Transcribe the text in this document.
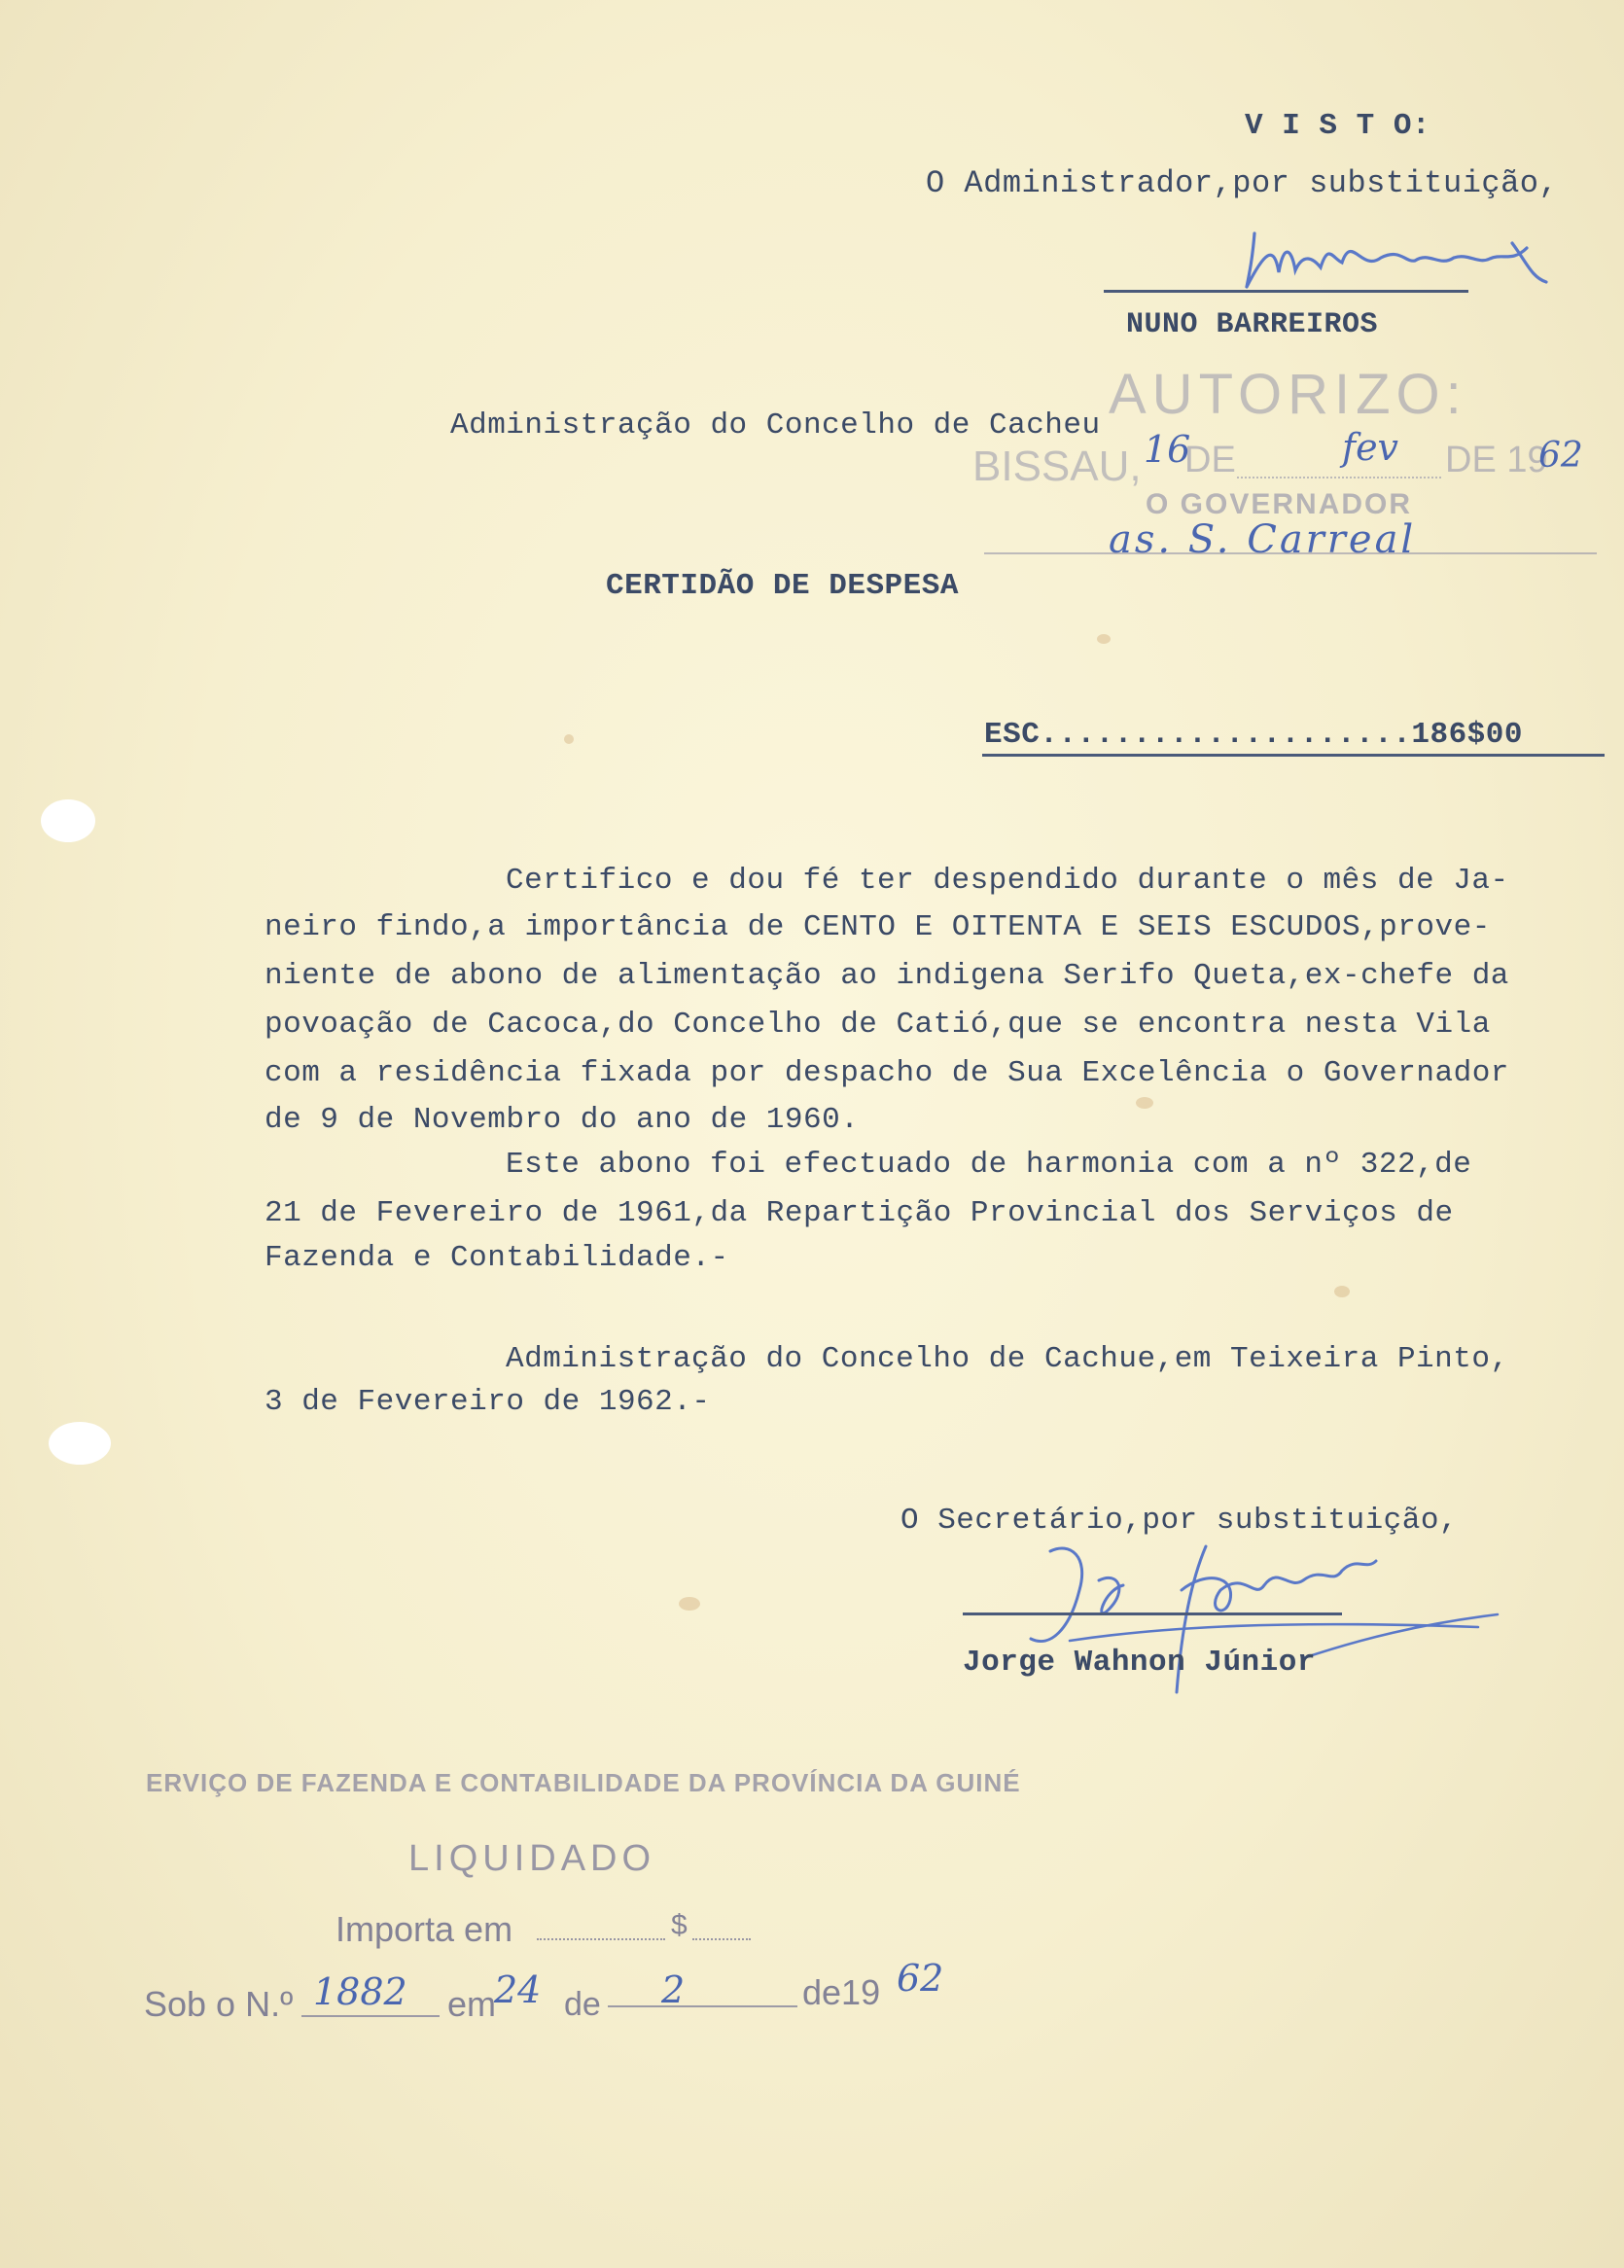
V I S T O:
O Administrador,por substituição,
NUNO BARREIROS
AUTORIZO:
BISSAU, DE	DE 19
O GOVERNADOR
16	fev	62
as. S. Carreal
Administração do Concelho de Cacheu
CERTIDÃO DE DESPESA
ESC....................186$00
Certifico e dou fé ter despendido durante o mês de Ja-
neiro findo,a importância de CENTO E OITENTA E SEIS ESCUDOS,prove-
niente de abono de alimentação ao indigena Serifo Queta,ex-chefe da
povoação de Cacoca,do Concelho de Catió,que se encontra nesta Vila
com a residência fixada por despacho de Sua Excelência o Governador
de 9 de Novembro do ano de 1960.
Este abono foi efectuado de harmonia com a nº 322,de
21 de Fevereiro de 1961,da Repartição Provincial dos Serviços de
Fazenda e Contabilidade.-
Administração do Concelho de Cachue,em Teixeira Pinto,
3 de Fevereiro de 1962.-
O Secretário,por substituição,
Jorge Wahnon Júnior
ERVIÇO DE FAZENDA E CONTABILIDADE DA PROVÍNCIA DA GUINÉ
LIQUIDADO
Importa em	$
Sob o N.º 1882 em
24 de 2	de19 62
